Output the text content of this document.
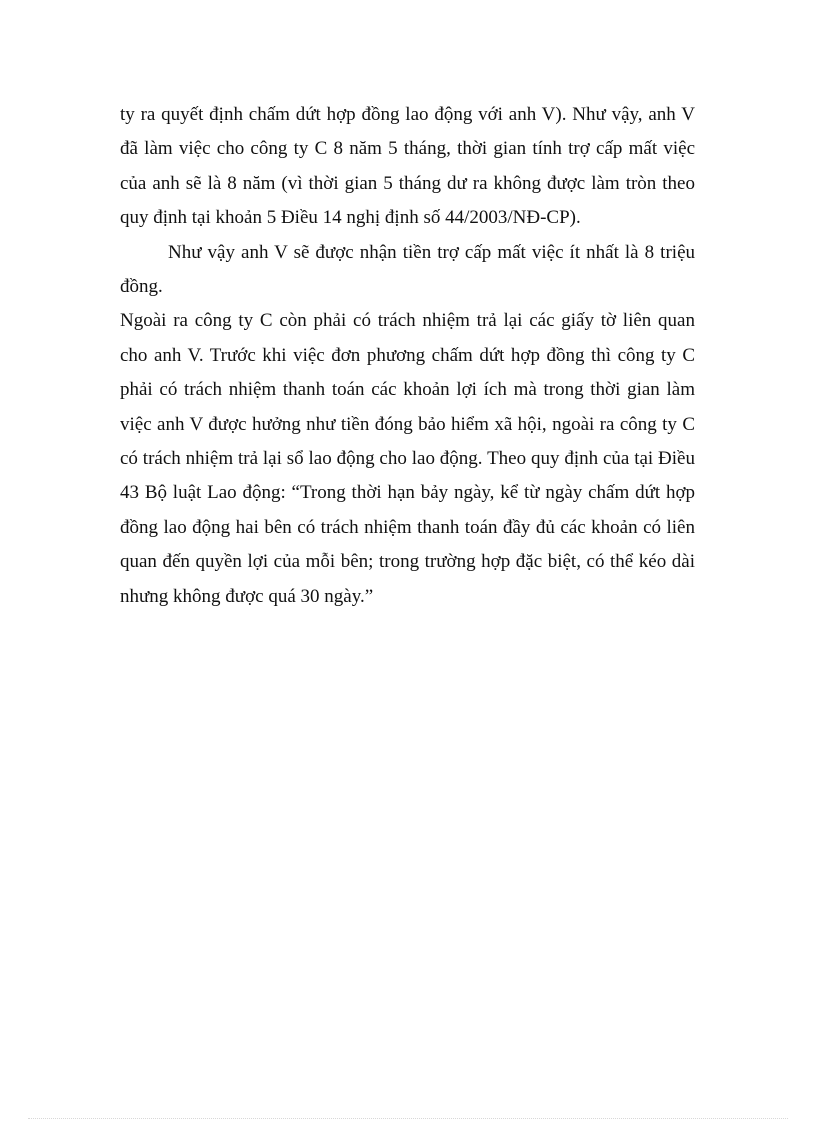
ty ra quyết định chấm dứt hợp đồng lao động với anh V). Như vậy, anh V đã làm việc cho công ty C 8 năm 5 tháng, thời gian tính trợ cấp mất việc của anh sẽ là 8 năm (vì thời gian 5 tháng dư ra không được làm tròn theo quy định tại khoản 5 Điều 14 nghị định số 44/2003/NĐ-CP).

Như vậy anh V sẽ được nhận tiền trợ cấp mất việc ít nhất là 8 triệu đồng.

Ngoài ra công ty C còn phải có trách nhiệm trả lại các giấy tờ liên quan cho anh V. Trước khi việc đơn phương chấm dứt hợp đồng thì công ty C phải có trách nhiệm thanh toán các khoản lợi ích mà trong thời gian làm việc anh V được hưởng như tiền đóng bảo hiểm xã hội, ngoài ra công ty C có trách nhiệm trả lại sổ lao động cho lao động. Theo quy định của tại Điều 43 Bộ luật Lao động: “Trong thời hạn bảy ngày, kể từ ngày chấm dứt hợp đồng lao động hai bên có trách nhiệm thanh toán đầy đủ các khoản có liên quan đến quyền lợi của mỗi bên; trong trường hợp đặc biệt, có thể kéo dài nhưng không được quá 30 ngày.”
